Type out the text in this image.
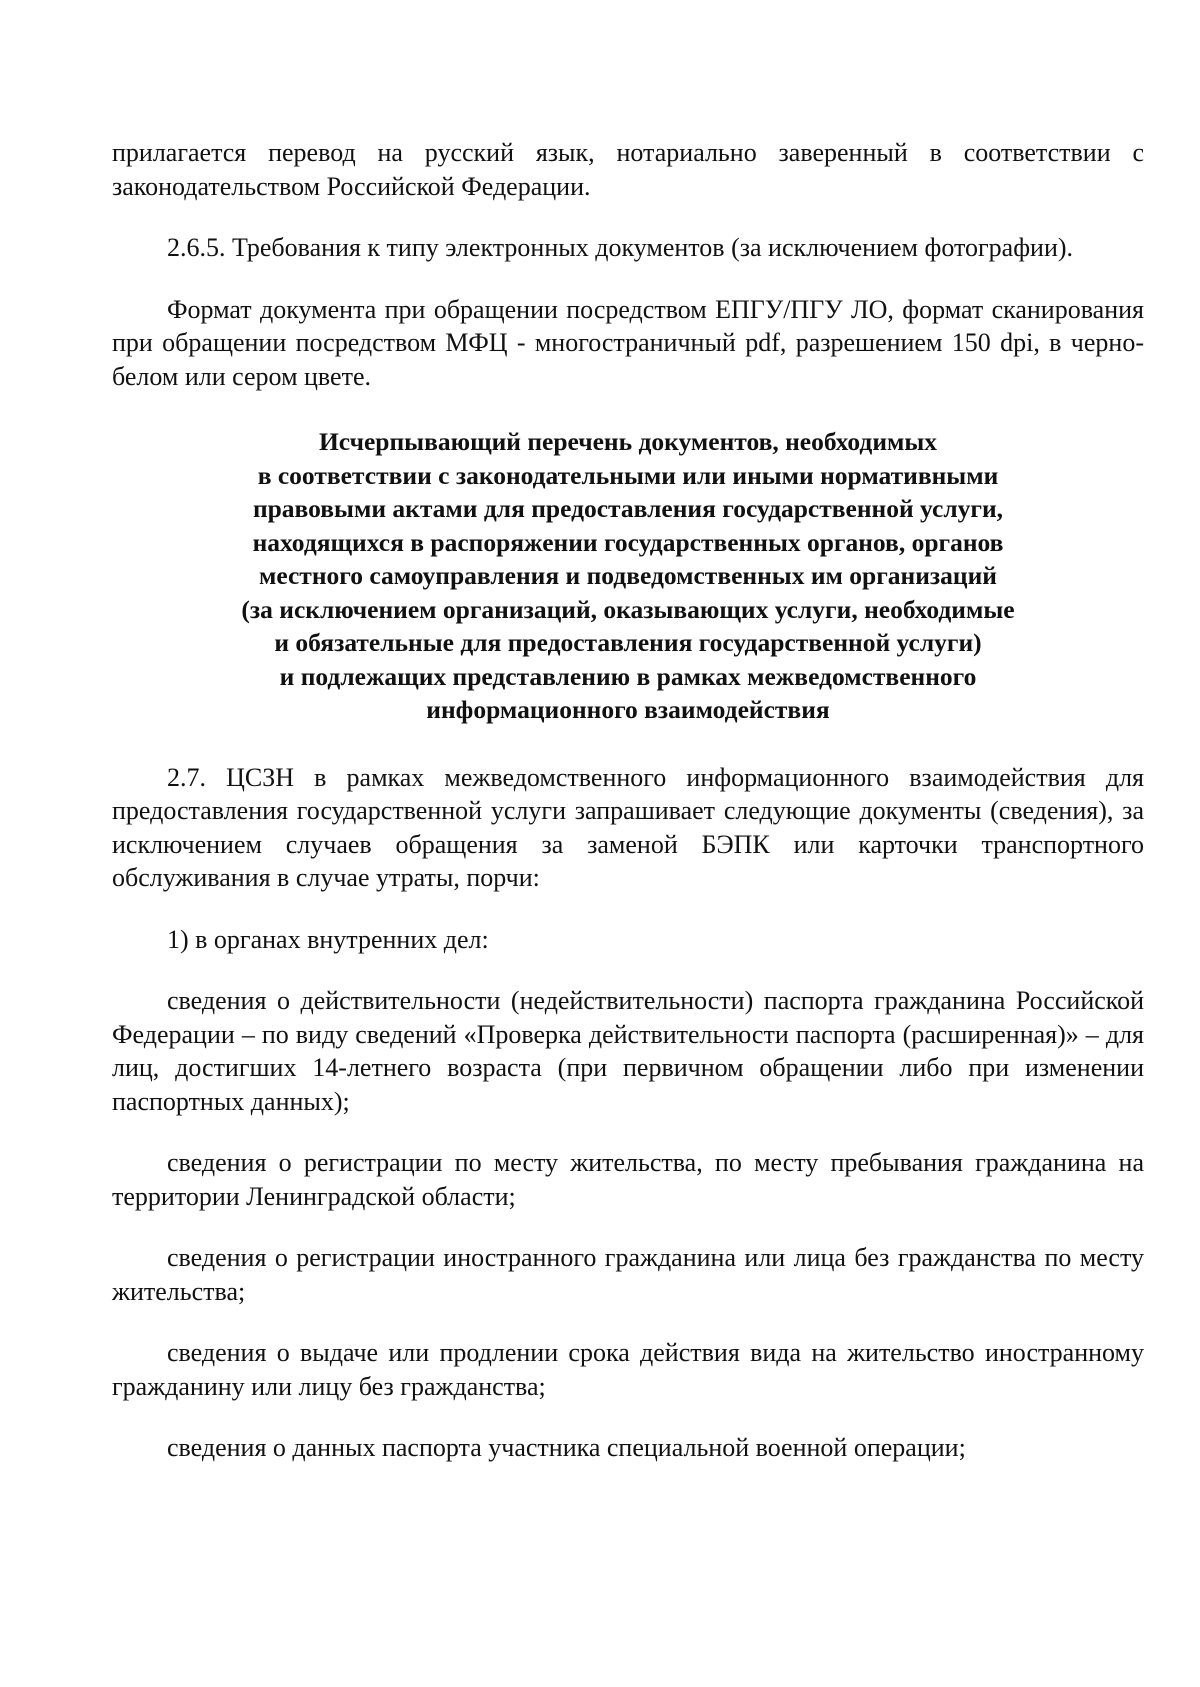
прилагается перевод на русский язык, нотариально заверенный в соответствии с законодательством Российской Федерации.

2.6.5. Требования к типу электронных документов (за исключением фотографии).

Формат документа при обращении посредством ЕПГУ/ПГУ ЛО, формат сканирования при обращении посредством МФЦ - многостраничный pdf, разрешением 150 dpi, в черно-белом или сером цвете.

Исчерпывающий перечень документов, необходимых
в соответствии с законодательными или иными нормативными
правовыми актами для предоставления государственной услуги,
находящихся в распоряжении государственных органов, органов
местного самоуправления и подведомственных им организаций
(за исключением организаций, оказывающих услуги, необходимые
и обязательные для предоставления государственной услуги)
и подлежащих представлению в рамках межведомственного
информационного взаимодействия

2.7. ЦСЗН в рамках межведомственного информационного взаимодействия для предоставления государственной услуги запрашивает следующие документы (сведения), за исключением случаев обращения за заменой БЭПК или карточки транспортного обслуживания в случае утраты, порчи:

1) в органах внутренних дел:

сведения о действительности (недействительности) паспорта гражданина Российской Федерации – по виду сведений «Проверка действительности паспорта (расширенная)» – для лиц, достигших 14-летнего возраста (при первичном обращении либо при изменении паспортных данных);

сведения о регистрации по месту жительства, по месту пребывания гражданина на территории Ленинградской области;

сведения о регистрации иностранного гражданина или лица без гражданства по месту жительства;

сведения о выдаче или продлении срока действия вида на жительство иностранному гражданину или лицу без гражданства;

сведения о данных паспорта участника специальной военной операции;
